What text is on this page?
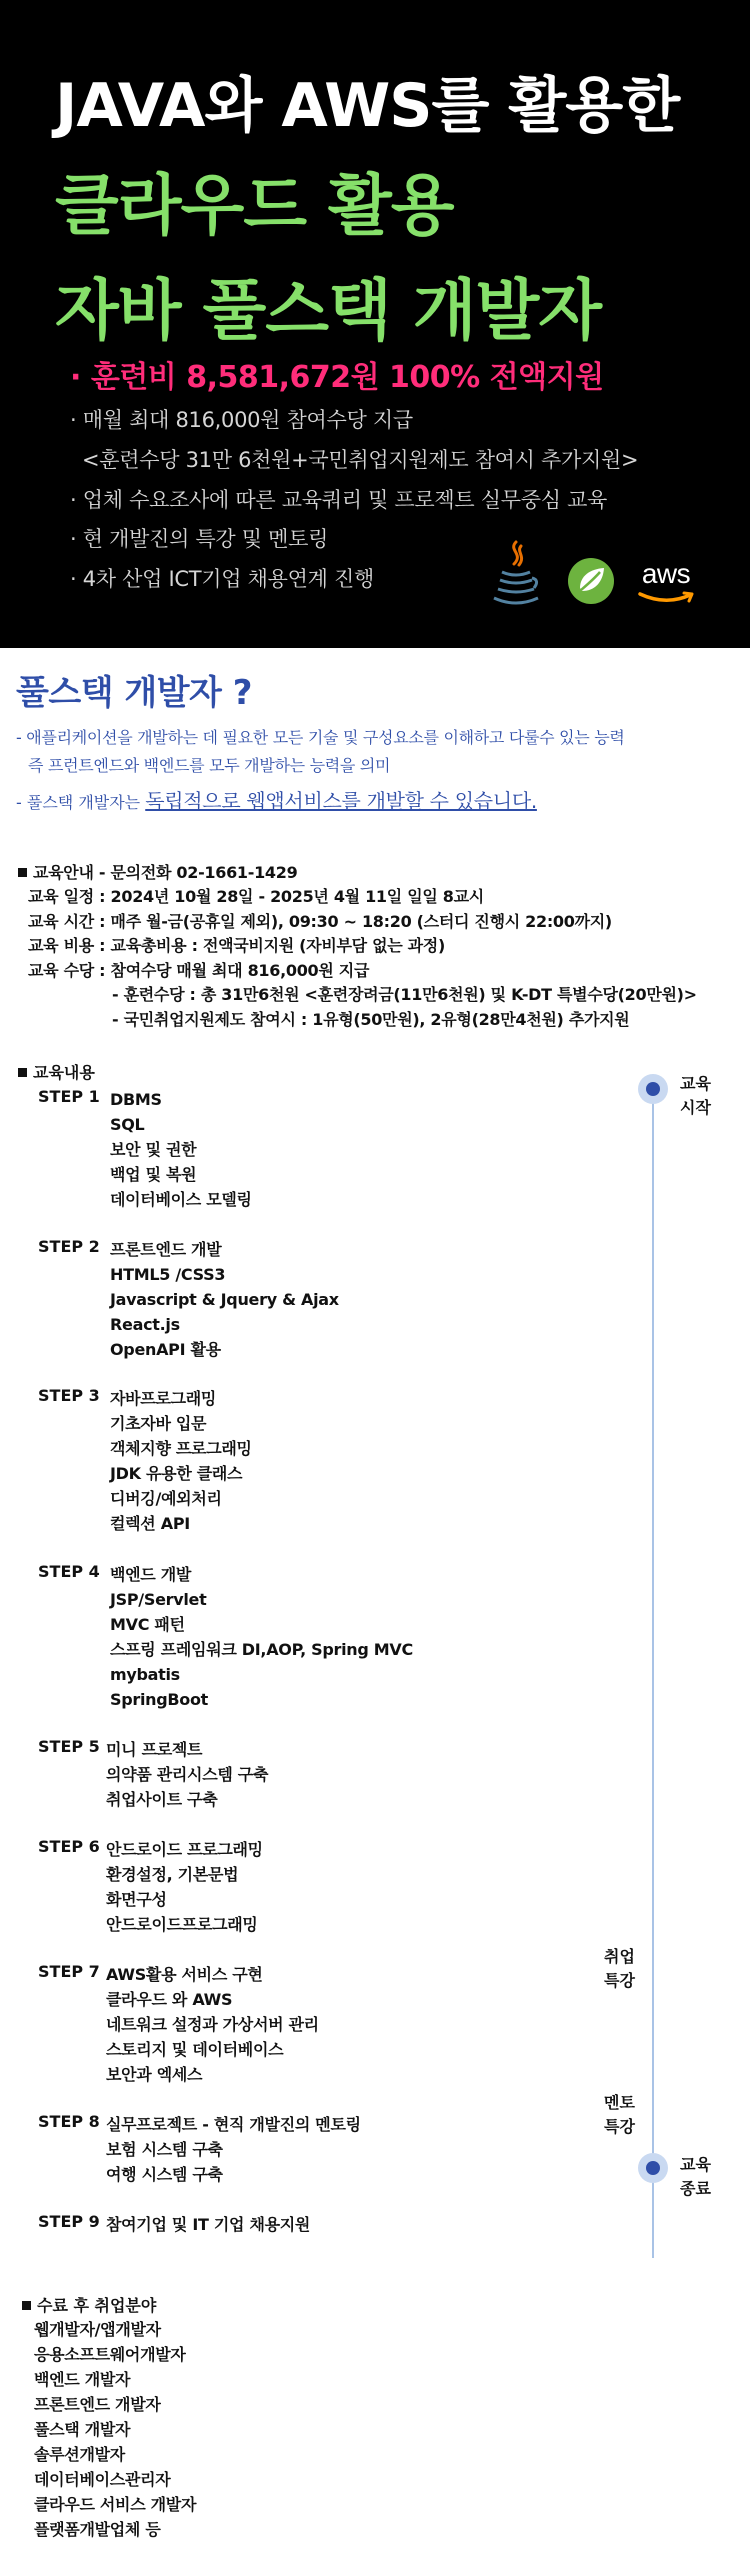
JAVA와 AWS를 활용한
클라우드 활용
자바 풀스택 개발자
· 훈련비 8,581,672원 100% 전액지원
· 매월 최대 816,000원 참여수당 지급
<훈련수당 31만 6천원+국민취업지원제도 참여시 추가지원>
· 업체 수요조사에 따른 교육쿼리 및 프로젝트 실무중심 교육
· 현 개발진의 특강 및 멘토링
· 4차 산업 ICT기업 채용연계 진행	aws
풀스택 개발자 ?

- 애플리케이션을 개발하는 데 필요한 모든 기술 및 구성요소를 이해하고 다룰수 있는 능력

즉 프런트엔드와 백엔드를 모두 개발하는 능력을 의미

- 풀스택 개발자는 독립적으로 웹앱서비스를 개발할 수 있습니다.

교육안내 - 문의전화 02-1661-1429
교육 일정 : 2024년 10월 28일 - 2025년 4월 11일 일일 8교시
교육 시간 : 매주 월-금(공휴일 제외), 09:30 ~ 18:20 (스터디 진행시 22:00까지)
교육 비용 : 교육총비용 : 전액국비지원 (자비부담 없는 과정)
교육 수당 : 참여수당 매월 최대 816,000원 지급
- 훈련수당 : 총 31만6천원 <훈련장려금(11만6천원) 및 K-DT 특별수당(20만원)>
- 국민취업지원제도 참여시 : 1유형(50만원), 2유형(28만4천원) 추가지원
교육내용
STEP 1 DBMS
SQL
보안 및 권한
백업 및 복원
데이터베이스 모델링
STEP 2 프론트엔드 개발
HTML5 /CSS3
Javascript & Jquery & Ajax
React.js
OpenAPI 활용
STEP 3 자바프로그래밍
기초자바 입문
객체지향 프로그래밍
JDK 유용한 클래스
디버깅/예외처리
컬렉션 API
STEP 4 백엔드 개발
JSP/Servlet
MVC 패턴
스프링 프레임워크 DI,AOP, Spring MVC
mybatis
SpringBoot
STEP 5 미니 프로젝트
의약품 관리시스템 구축
취업사이트 구축
STEP 6 안드로이드 프로그래밍
환경설정, 기본문법
화면구성
안드로이드프로그래밍
STEP 7 AWS활용 서비스 구현
클라우드 와 AWS
네트워크 설정과 가상서버 관리
스토리지 및 데이터베이스
보안과 엑세스
STEP 8 실무프로젝트 - 현직 개발진의 멘토링
보험 시스템 구축
여행 시스템 구축
STEP 9 참여기업 및 IT 기업 채용지원
교육 시작
교육 종료
취업 특강
멘토 특강
수료 후 취업분야
웹개발자/앱개발자
응용소프트웨어개발자
백엔드 개발자
프론트엔드 개발자
풀스택 개발자
솔루션개발자
데이터베이스관리자
클라우드 서비스 개발자
플랫폼개발업체 등
